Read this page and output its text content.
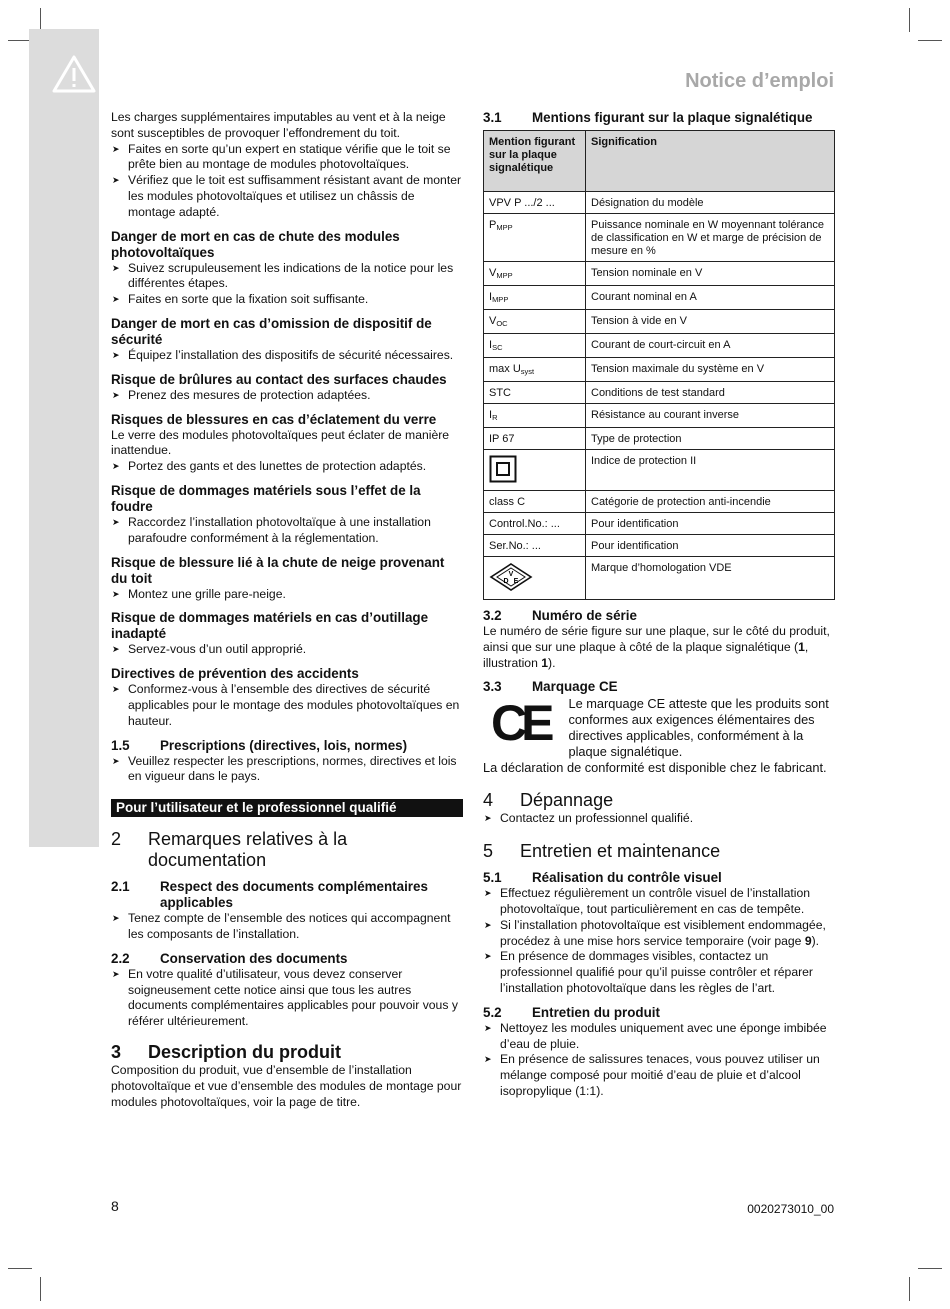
Notice d’emploi

Les charges supplémentaires imputables au vent et à la neige sont susceptibles de provoquer l’effondrement du toit.

➤ Faites en sorte qu’un expert en statique vérifie que le toit se prête bien au montage de modules photovoltaïques.
➤ Vérifiez que le toit est suffisamment résistant avant de monter les modules photovoltaïques et utilisez un châssis de montage adapté.
Danger de mort en cas de chute des modules photovoltaïques
➤ Suivez scrupuleusement les indications de la notice pour les différentes étapes.
➤ Faites en sorte que la fixation soit suffisante.
Danger de mort en cas d’omission de dispositif de sécurité
➤ Équipez l’installation des dispositifs de sécurité nécessaires.
Risque de brûlures au contact des surfaces chaudes
➤ Prenez des mesures de protection adaptées.
Risques de blessures en cas d’éclatement du verre

Le verre des modules photovoltaïques peut éclater de manière inattendue.

➤ Portez des gants et des lunettes de protection adaptés.
Risque de dommages matériels sous l’effet de la foudre
➤ Raccordez l’installation photovoltaïque à une installation parafoudre conformément à la réglementation.
Risque de blessure lié à la chute de neige provenant du toit
➤ Montez une grille pare-neige.
Risque de dommages matériels en cas d’outillage inadapté
➤ Servez-vous d’un outil approprié.
Directives de prévention des accidents
➤ Conformez-vous à l’ensemble des directives de sécurité applicables pour le montage des modules photovoltaïques en hauteur.
1.5	Prescriptions (directives, lois, normes)
➤ Veuillez respecter les prescriptions, normes, directives et lois en vigueur dans le pays.
Pour l’utilisateur et le professionnel qualifié
2	Remarques relatives à la documentation
2.1	Respect des documents complémentaires applicables
➤ Tenez compte de l’ensemble des notices qui accompagnent les composants de l’installation.
2.2	Conservation des documents
➤ En votre qualité d’utilisateur, vous devez conserver soigneusement cette notice ainsi que tous les autres documents complémentaires applicables pour pouvoir vous y référer ultérieurement.
3	Description du produit

Composition du produit, vue d’ensemble de l’installation photovoltaïque et vue d’ensemble des modules de montage pour modules photovoltaïques, voir la page de titre.

3.1	Mentions figurant sur la plaque signalétique
Mention figurant sur la plaque signalétique	Signification
VPV P .../2 ...	Désignation du modèle
$P_{MPP}$	Puissance nominale en W moyennant tolérance de classification en W et marge de précision de mesure en %
$V_{MPP}$	Tension nominale en V
$I_{MPP}$	Courant nominal en A
$V_{OC}$	Tension à vide en V
$I_{SC}$	Courant de court-circuit en A
$\max U_{syst}$	Tension maximale du système en V
STC	Conditions de test standard
$I_R$	Résistance au courant inverse
IP 67	Type de protection
	Indice de protection II
class C	Catégorie de protection anti-incendie
Control.No.: ...	Pour identification
Ser.No.: ...	Pour identification

V
D E	Marque d’homologation VDE
3.2	Numéro de série

Le numéro de série figure sur une plaque, sur le côté du produit, ainsi que sur une plaque à côté de la plaque signalétique (1, illustration 1).

3.3	Marquage CE
CE	Le marquage CE atteste que les produits sont conformes aux exigences élémentaires des directives applicables, conformément à la plaque signalétique.

La déclaration de conformité est disponible chez le fabricant.

4	Dépannage
➤ Contactez un professionnel qualifié.
5	Entretien et maintenance
5.1	Réalisation du contrôle visuel
➤ Effectuez régulièrement un contrôle visuel de l’installation photovoltaïque, tout particulièrement en cas de tempête.
➤ Si l’installation photovoltaïque est visiblement endommagée, procédez à une mise hors service temporaire (voir page 9).
➤ En présence de dommages visibles, contactez un professionnel qualifié pour qu’il puisse contrôler et réparer l’installation photovoltaïque dans les règles de l’art.
5.2	Entretien du produit
➤ Nettoyez les modules uniquement avec une éponge imbibée d’eau de pluie.
➤ En présence de salissures tenaces, vous pouvez utiliser un mélange composé pour moitié d’eau de pluie et d’alcool isopropylique (1:1).
8	0020273010_00
